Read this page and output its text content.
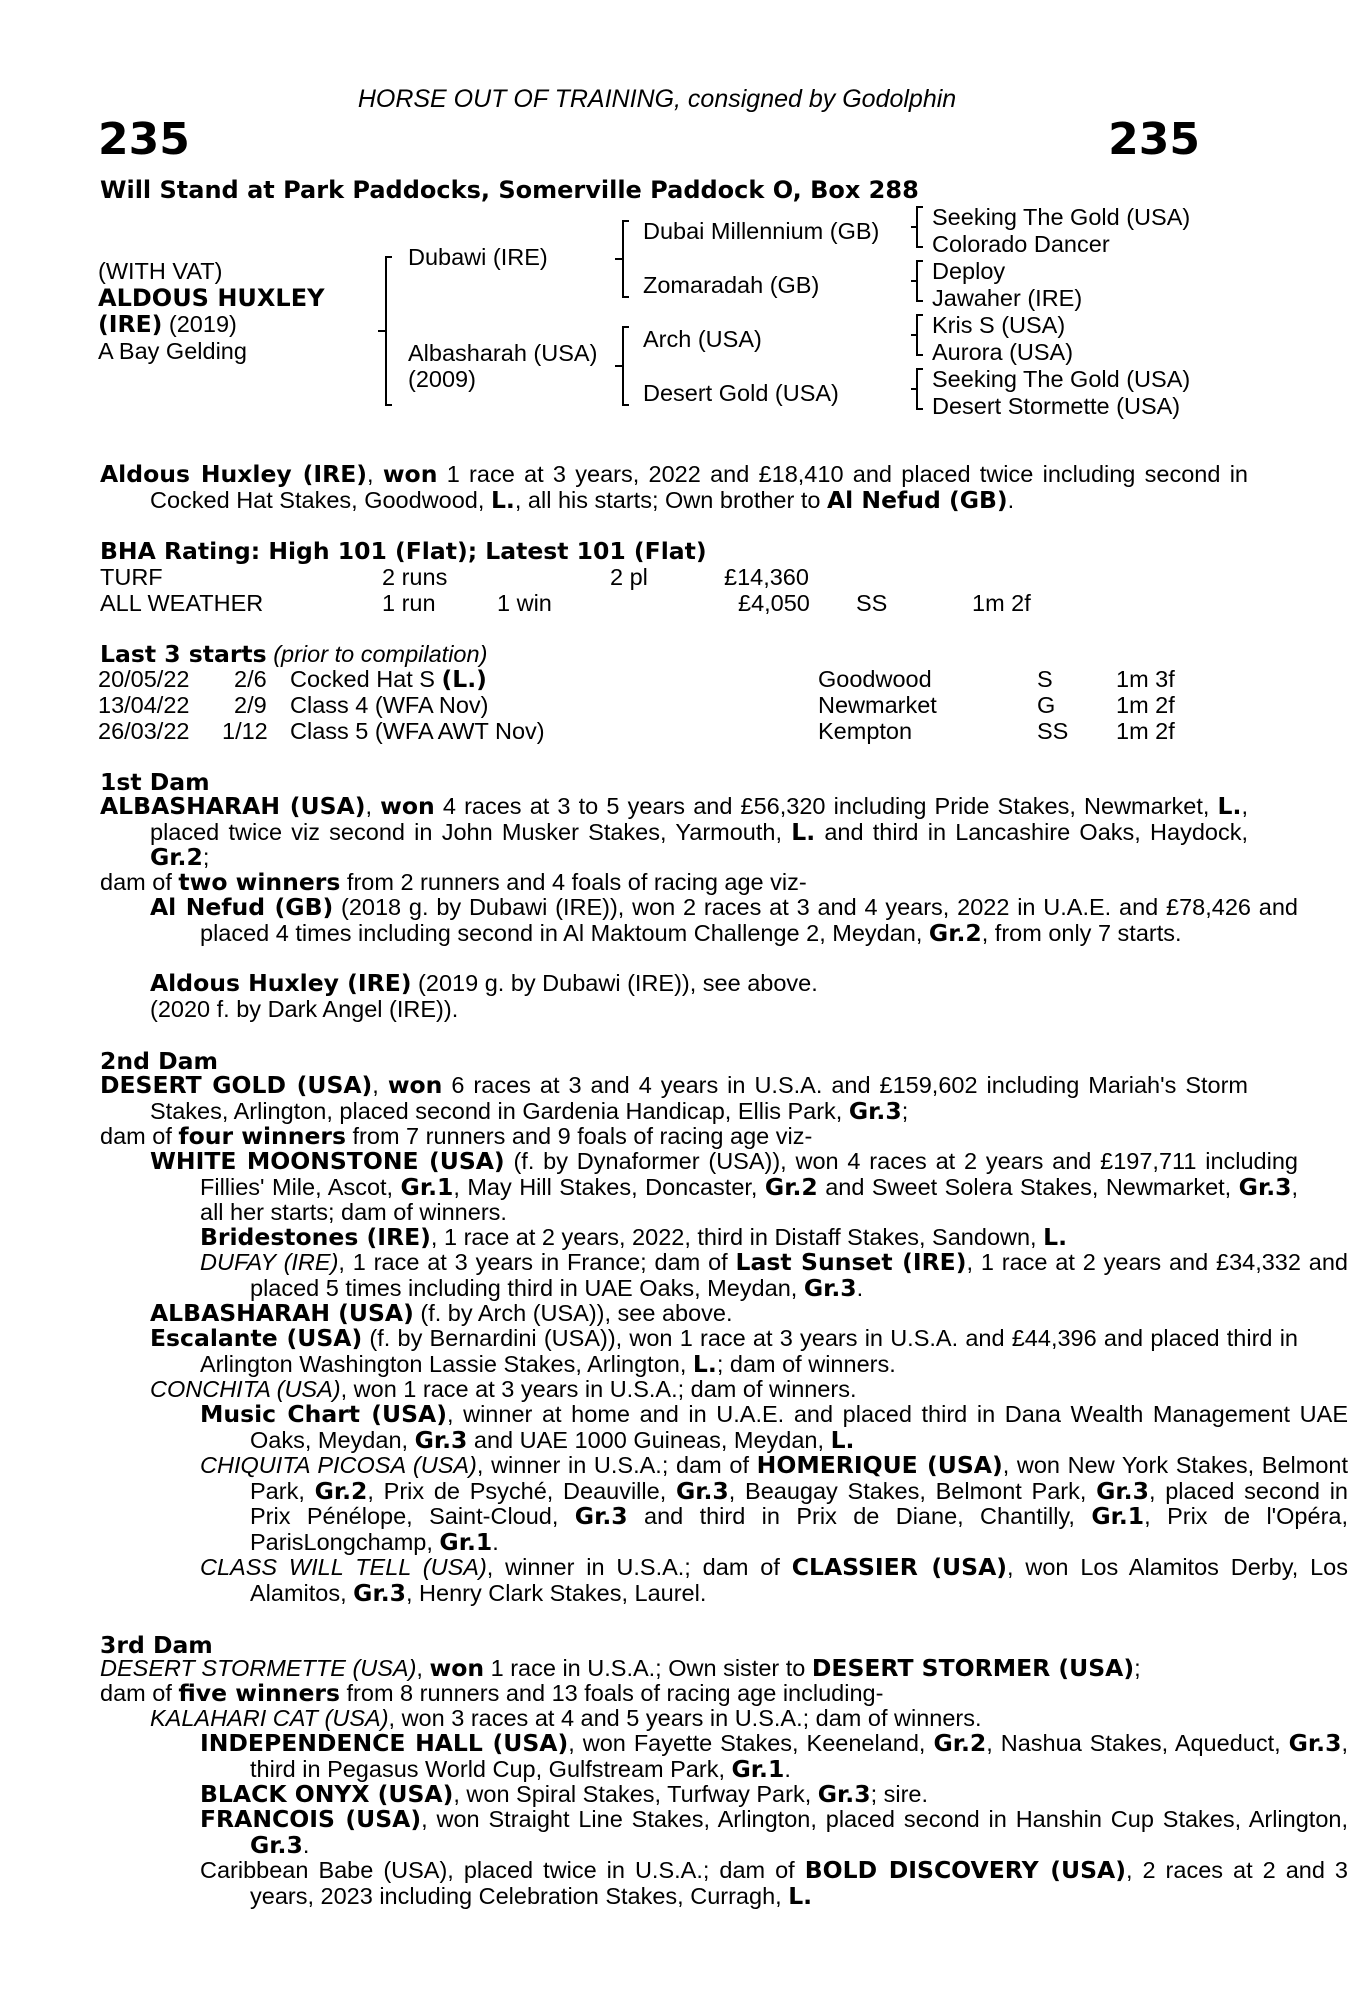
HORSE OUT OF TRAINING, consigned by Godolphin
235	235
Will Stand at Park Paddocks, Somerville Paddock O, Box 288
(WITH VAT)
ALDOUS HUXLEY
(IRE) (2019)
A Bay Gelding
Dubawi (IRE)
Albasharah (USA)
(2009)
Dubai Millennium (GB)
Zomaradah (GB)
Arch (USA)
Desert Gold (USA)
Seeking The Gold (USA)
Colorado Dancer
Deploy
Jawaher (IRE)
Kris S (USA)
Aurora (USA)
Seeking The Gold (USA)
Desert Stormette (USA)
Aldous Huxley (IRE), won 1 race at 3 years, 2022 and £18,410 and placed twice including second in Cocked Hat Stakes, Goodwood, L., all his starts; Own brother to Al Nefud (GB).
BHA Rating: High 101 (Flat); Latest 101 (Flat)
TURF	2 runs	2 pl	£14,360
ALL WEATHER	1 run	1 win	£4,050 SS	1m 2f
Last 3 starts (prior to compilation)
20/05/22 2/6 Cocked Hat S (L.)	Goodwood	S	1m 3f
13/04/22 2/9 Class 4 (WFA Nov)	Newmarket	G	1m 2f
26/03/22 1/12 Class 5 (WFA AWT Nov)	Kempton	SS 1m 2f
1st Dam
ALBASHARAH (USA), won 4 races at 3 to 5 years and £56,320 including Pride Stakes, Newmarket, L., placed twice viz second in John Musker Stakes, Yarmouth, L. and third in Lancashire Oaks, Haydock, Gr.2;
dam of two winners from 2 runners and 4 foals of racing age viz-
Al Nefud (GB) (2018 g. by Dubawi (IRE)), won 2 races at 3 and 4 years, 2022 in U.A.E. and £78,426 and placed 4 times including second in Al Maktoum Challenge 2, Meydan, Gr.2, from only 7 starts.
Aldous Huxley (IRE) (2019 g. by Dubawi (IRE)), see above.
(2020 f. by Dark Angel (IRE)).
2nd Dam
DESERT GOLD (USA), won 6 races at 3 and 4 years in U.S.A. and £159,602 including Mariah's Storm Stakes, Arlington, placed second in Gardenia Handicap, Ellis Park, Gr.3;
dam of four winners from 7 runners and 9 foals of racing age viz-
WHITE MOONSTONE (USA) (f. by Dynaformer (USA)), won 4 races at 2 years and £197,711 including Fillies' Mile, Ascot, Gr.1, May Hill Stakes, Doncaster, Gr.2 and Sweet Solera Stakes, Newmarket, Gr.3, all her starts; dam of winners.
Bridestones (IRE), 1 race at 2 years, 2022, third in Distaff Stakes, Sandown, L.
DUFAY (IRE), 1 race at 3 years in France; dam of Last Sunset (IRE), 1 race at 2 years and £34,332 and placed 5 times including third in UAE Oaks, Meydan, Gr.3.
ALBASHARAH (USA) (f. by Arch (USA)), see above.
Escalante (USA) (f. by Bernardini (USA)), won 1 race at 3 years in U.S.A. and £44,396 and placed third in Arlington Washington Lassie Stakes, Arlington, L.; dam of winners.
CONCHITA (USA), won 1 race at 3 years in U.S.A.; dam of winners.
Music Chart (USA), winner at home and in U.A.E. and placed third in Dana Wealth Management UAE Oaks, Meydan, Gr.3 and UAE 1000 Guineas, Meydan, L.
CHIQUITA PICOSA (USA), winner in U.S.A.; dam of HOMERIQUE (USA), won New York Stakes, Belmont Park, Gr.2, Prix de Psyché, Deauville, Gr.3, Beaugay Stakes, Belmont Park, Gr.3, placed second in Prix Pénélope, Saint-Cloud, Gr.3 and third in Prix de Diane, Chantilly, Gr.1, Prix de l'Opéra, ParisLongchamp, Gr.1.
CLASS WILL TELL (USA), winner in U.S.A.; dam of CLASSIER (USA), won Los Alamitos Derby, Los Alamitos, Gr.3, Henry Clark Stakes, Laurel.
3rd Dam
DESERT STORMETTE (USA), won 1 race in U.S.A.; Own sister to DESERT STORMER (USA);
dam of five winners from 8 runners and 13 foals of racing age including-
KALAHARI CAT (USA), won 3 races at 4 and 5 years in U.S.A.; dam of winners.
INDEPENDENCE HALL (USA), won Fayette Stakes, Keeneland, Gr.2, Nashua Stakes, Aqueduct, Gr.3, third in Pegasus World Cup, Gulfstream Park, Gr.1.
BLACK ONYX (USA), won Spiral Stakes, Turfway Park, Gr.3; sire.
FRANCOIS (USA), won Straight Line Stakes, Arlington, placed second in Hanshin Cup Stakes, Arlington, Gr.3.
Caribbean Babe (USA), placed twice in U.S.A.; dam of BOLD DISCOVERY (USA), 2 races at 2 and 3 years, 2023 including Celebration Stakes, Curragh, L.
